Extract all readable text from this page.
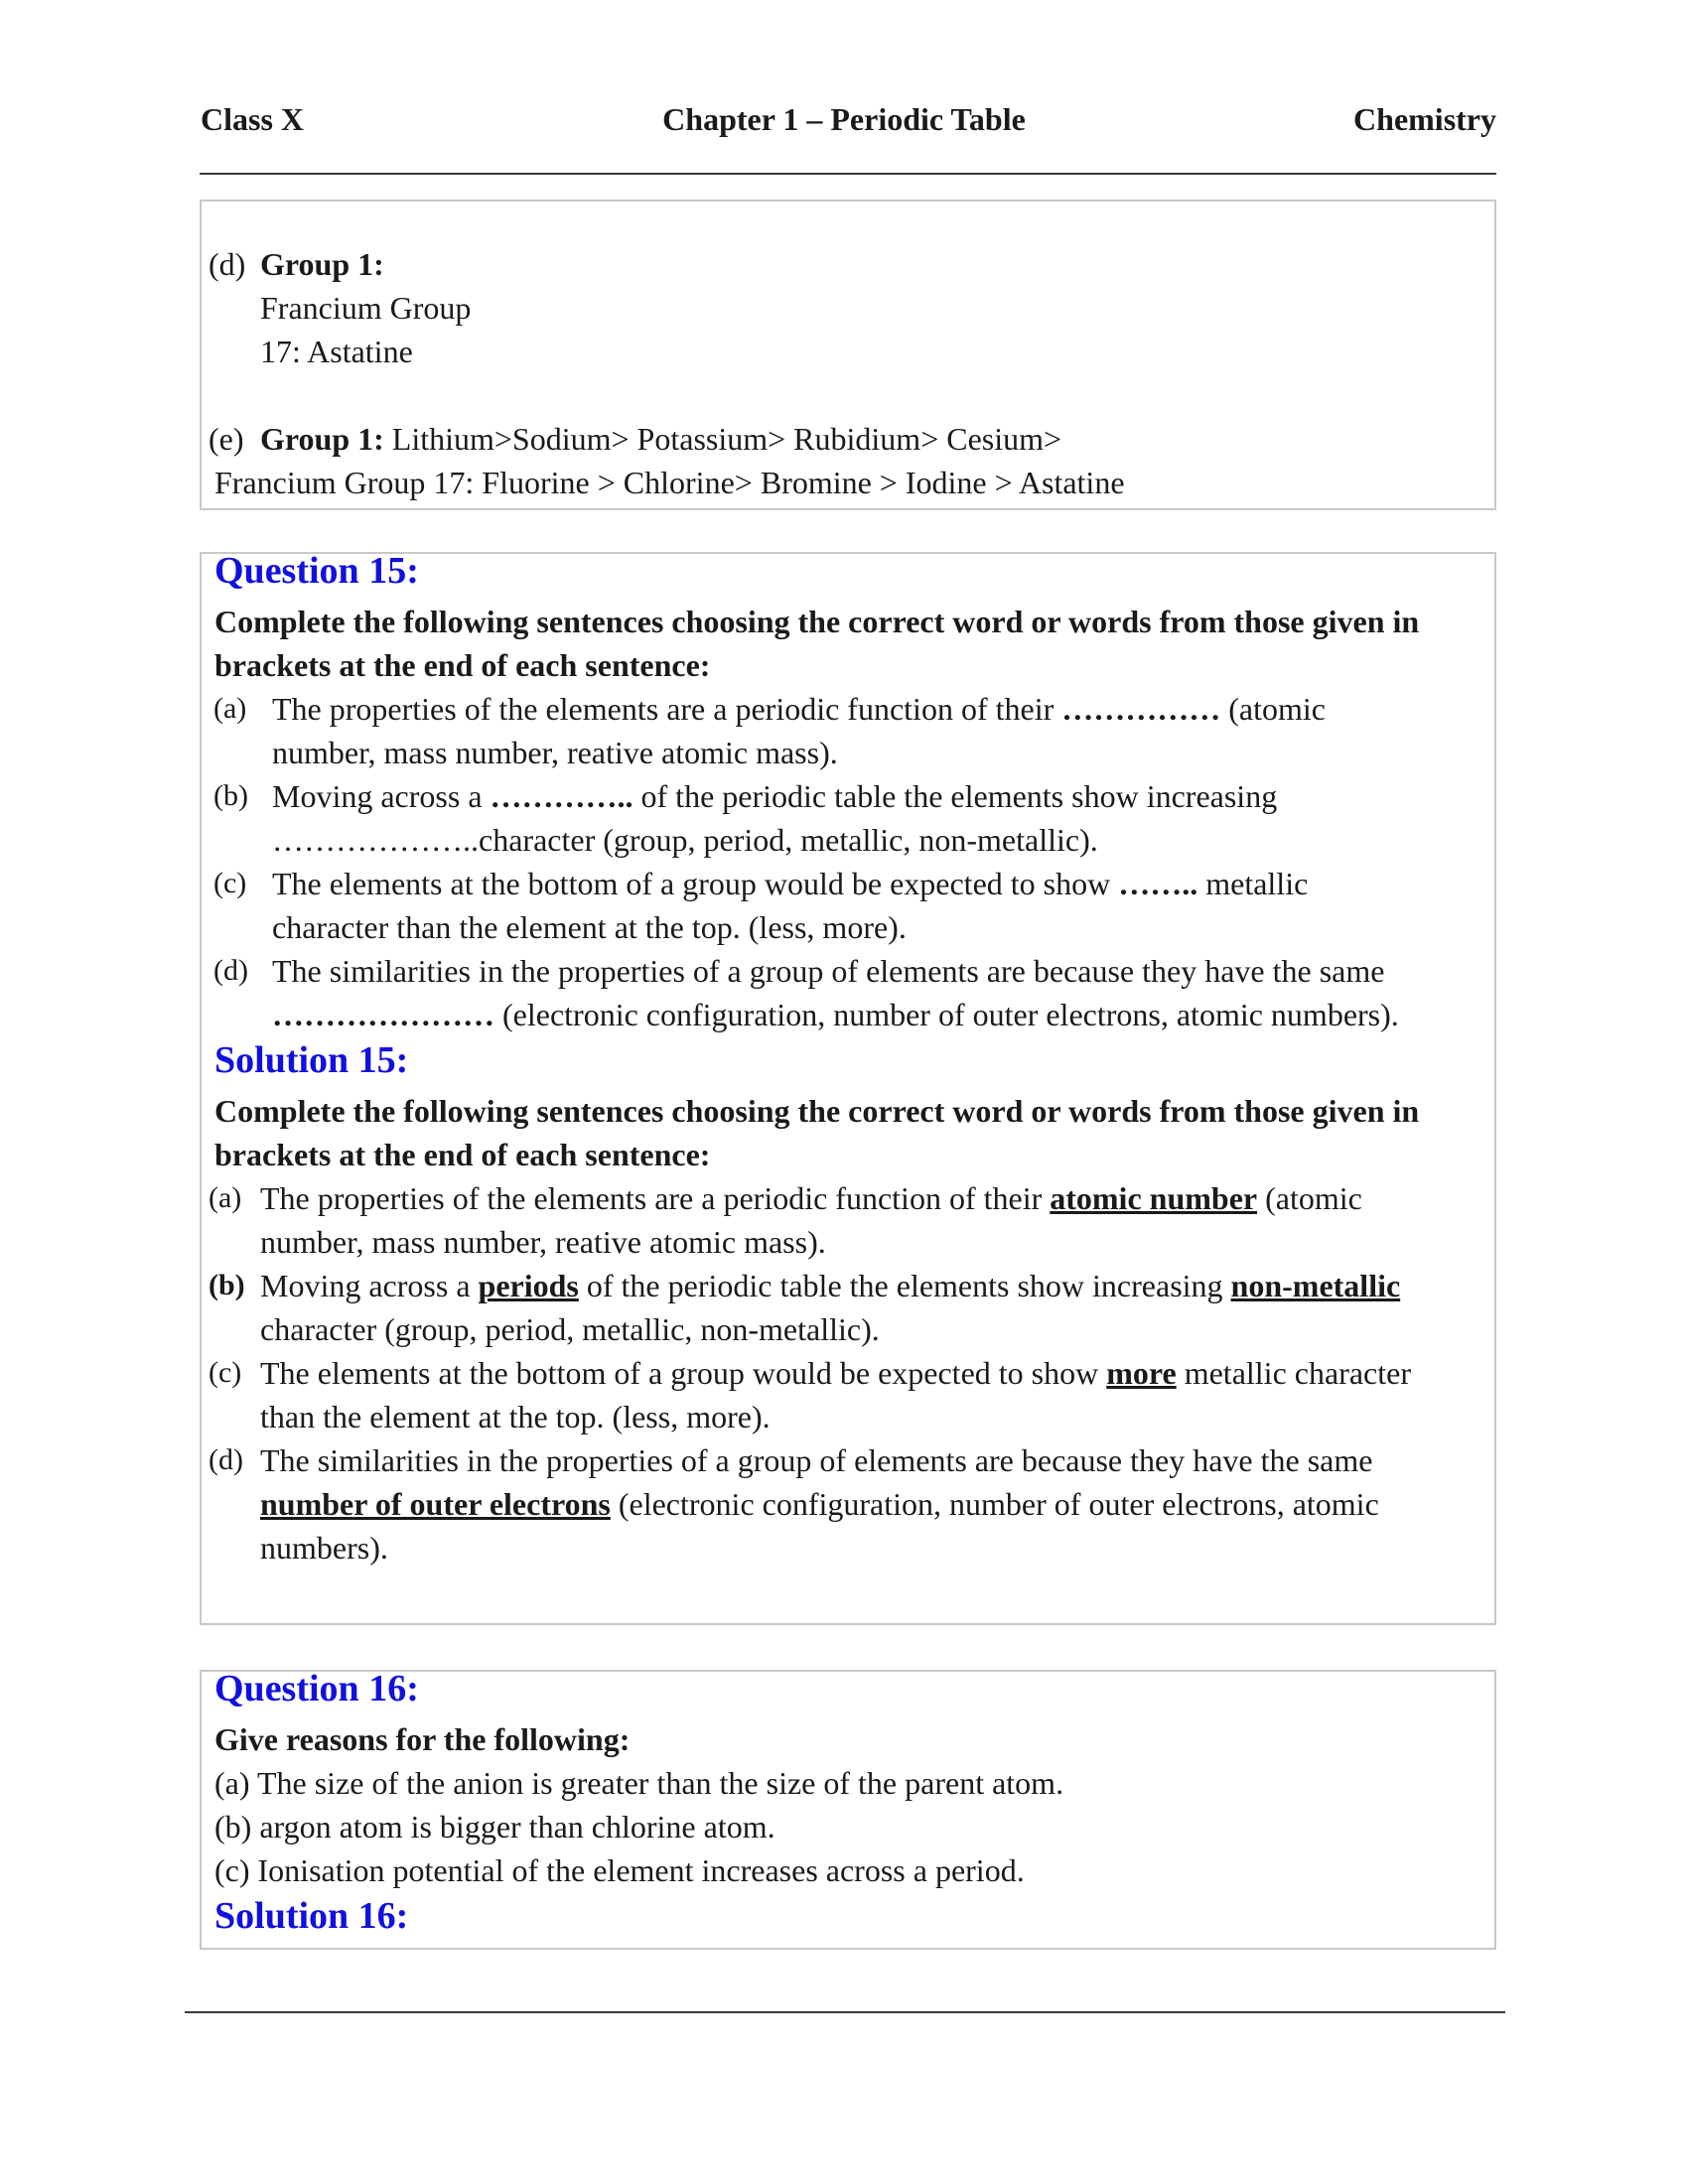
Class X	Chapter 1 – Periodic Table	Chemistry
(d) Group 1:
Francium Group
17: Astatine
(e) Group 1: Lithium>Sodium> Potassium> Rubidium> Cesium>
Francium Group 17: Fluorine > Chlorine> Bromine > Iodine > Astatine
Question 15:
Complete the following sentences choosing the correct word or words from those given in
brackets at the end of each sentence:
(a) The properties of the elements are a periodic function of their …………… (atomic
number, mass number, reative atomic mass).
(b) Moving across a ………….. of the periodic table the elements show increasing
………………..character (group, period, metallic, non-metallic).
(c) The elements at the bottom of a group would be expected to show …….. metallic
character than the element at the top. (less, more).
(d) The similarities in the properties of a group of elements are because they have the same
………………… (electronic configuration, number of outer electrons, atomic numbers).
Solution 15:
Complete the following sentences choosing the correct word or words from those given in
brackets at the end of each sentence:
(a) The properties of the elements are a periodic function of their atomic number (atomic
number, mass number, reative atomic mass).
(b) Moving across a periods of the periodic table the elements show increasing non-metallic
character (group, period, metallic, non-metallic).
(c) The elements at the bottom of a group would be expected to show more metallic character
than the element at the top. (less, more).
(d) The similarities in the properties of a group of elements are because they have the same
number of outer electrons (electronic configuration, number of outer electrons, atomic
numbers).
Question 16:
Give reasons for the following:
(a) The size of the anion is greater than the size of the parent atom.
(b) argon atom is bigger than chlorine atom.
(c) Ionisation potential of the element increases across a period.
Solution 16:
